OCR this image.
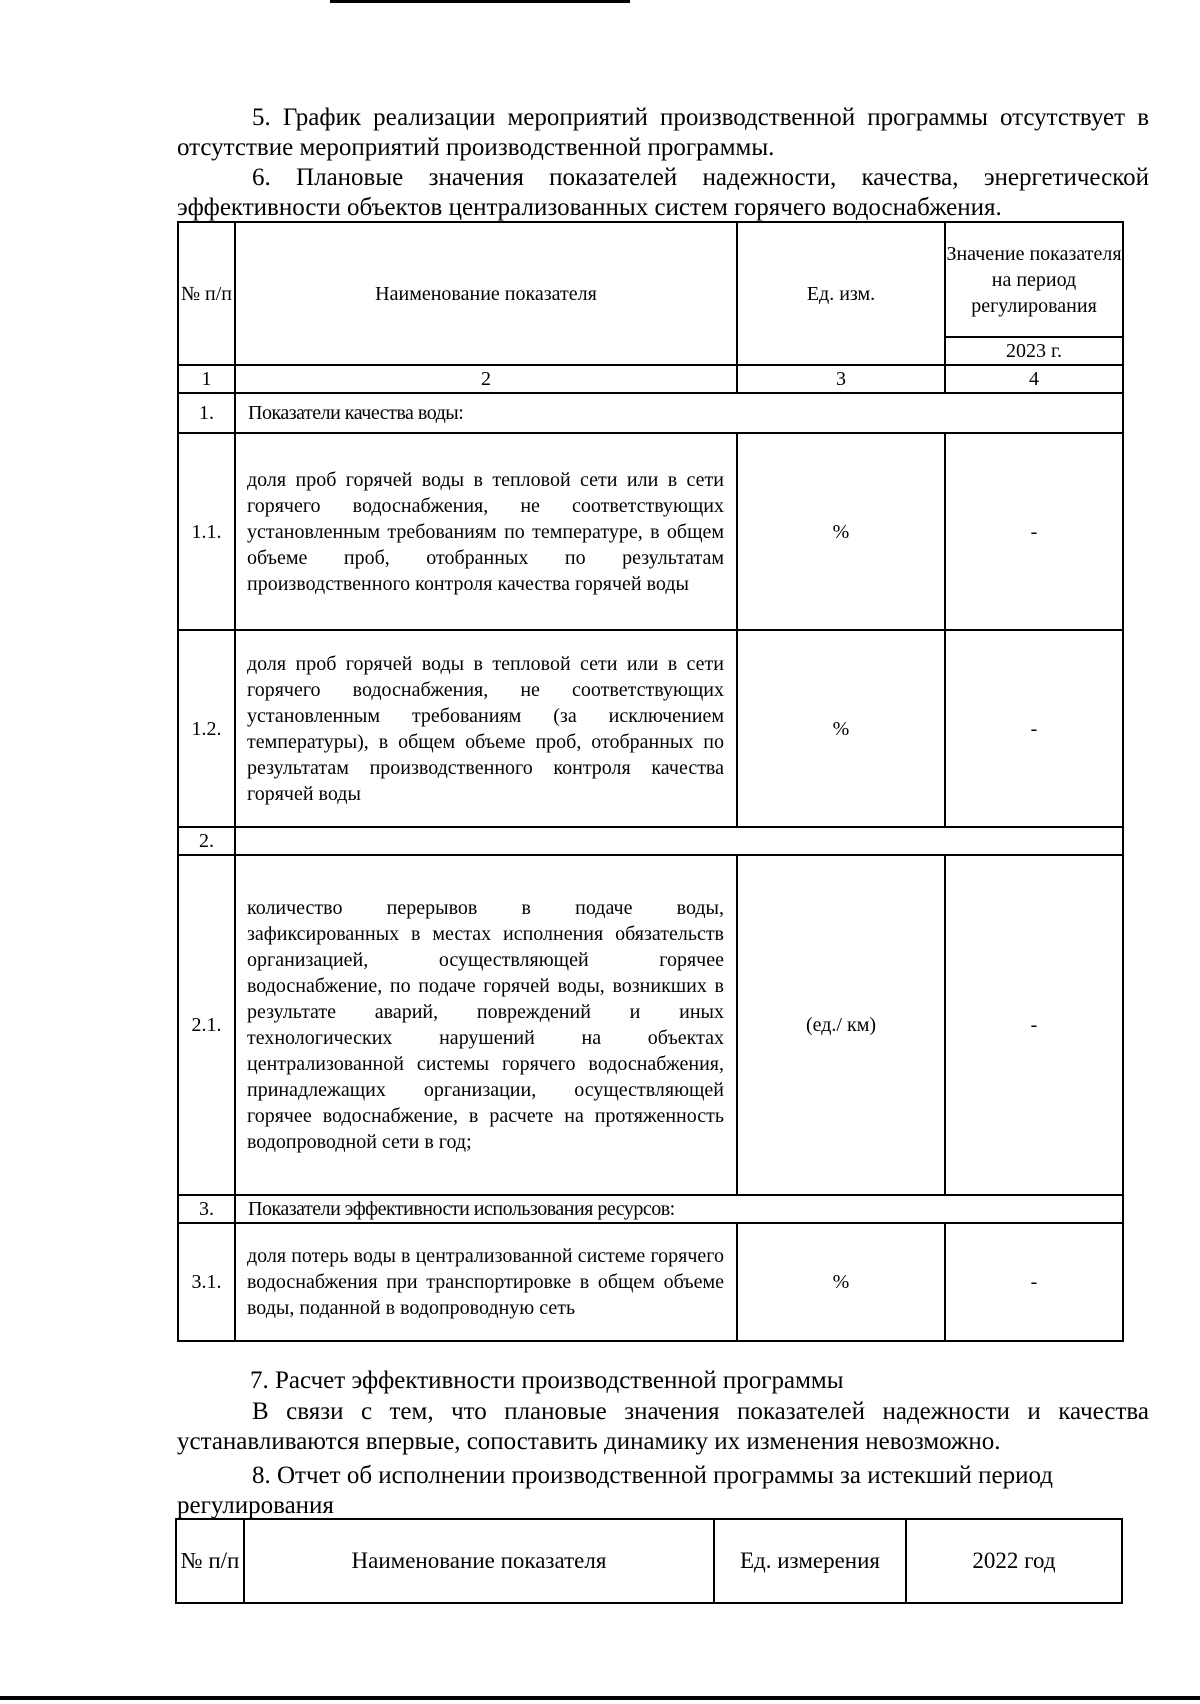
5. График реализации мероприятий производственной программы отсутствует в отсутствие мероприятий производственной программы.
6. Плановые значения показателей надежности, качества, энергетической эффективности объектов централизованных систем горячего водоснабжения.
№ п/п	Наименование показателя	Ед. изм.	Значение показателя на период регулирования
			2023 г.
1	2	3	4
1.	Показатели качества воды:		
1.1.	доля проб горячей воды в тепловой сети или в сети горячего водоснабжения, не соответствующих установленным требованиям по температуре, в общем объеме проб, отобранных по результатам производственного контроля качества горячей воды	%	-
1.2.	доля проб горячей воды в тепловой сети или в сети горячего водоснабжения, не соответствующих установленным требованиям (за исключением температуры), в общем объеме проб, отобранных по результатам производственного контроля качества горячей воды	%	-
2.			
2.1.	количество перерывов в подаче воды, зафиксированных в местах исполнения обязательств организацией, осуществляющей горячее водоснабжение, по подаче горячей воды, возникших в результате аварий, повреждений и иных технологических нарушений на объектах централизованной системы горячего водоснабжения, принадлежащих организации, осуществляющей горячее водоснабжение, в расчете на протяженность водопроводной сети в год;	(ед./ км)	-
3.	Показатели эффективности использования ресурсов:		
3.1.	доля потерь воды в централизованной системе горячего водоснабжения при транспортировке в общем объеме воды, поданной в водопроводную сеть	%	-
7. Расчет эффективности производственной программы
В связи с тем, что плановые значения показателей надежности и качества устанавливаются впервые, сопоставить динамику их изменения невозможно.
8. Отчет об исполнении производственной программы за истекший период
регулирования
№ п/п	Наименование показателя	Ед. измерения	2022 год
